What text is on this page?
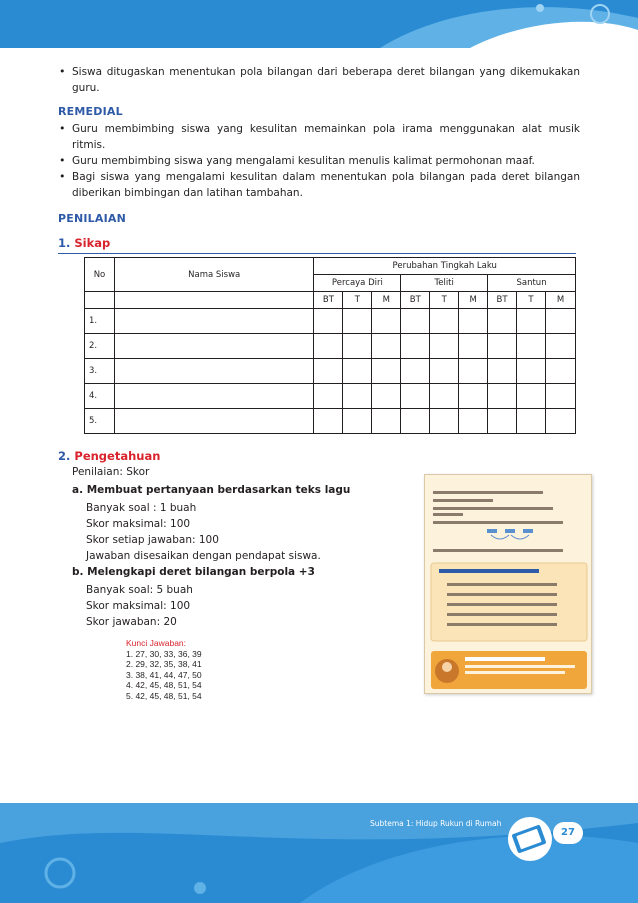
• Siswa ditugaskan menentukan pola bilangan dari beberapa deret bilangan yang dikemukakan guru.
REMEDIAL
• Guru membimbing siswa yang kesulitan memainkan pola irama menggunakan alat musik ritmis.
• Guru membimbing siswa yang mengalami kesulitan menulis kalimat permohonan maaf.
• Bagi siswa yang mengalami kesulitan dalam menentukan pola bilangan pada deret bilangan diberikan bimbingan dan latihan tambahan.
PENILAIAN
1. Sikap
No	Nama Siswa	Perubahan Tingkah Laku								
		Percaya Diri			Teliti			Santun		
		BT	T	M	BT	T	M	BT	T	M
1.										
2.										
3.										
4.										
5.										
2. Pengetahuan
Penilaian: Skor
a. Membuat pertanyaan berdasarkan teks lagu
Banyak soal : 1 buah
Skor maksimal: 100
Skor setiap jawaban: 100
Jawaban disesaikan dengan pendapat siswa.
b. Melengkapi deret bilangan berpola +3
Banyak soal: 5 buah
Skor maksimal: 100
Skor jawaban: 20
Kunci Jawaban:
1. 27, 30, 33, 36, 39
2. 29, 32, 35, 38, 41
3. 38, 41, 44, 47, 50
4. 42, 45, 48, 51, 54
5. 42, 45, 48, 51, 54
Subtema 1: Hidup Rukun di Rumah
27
